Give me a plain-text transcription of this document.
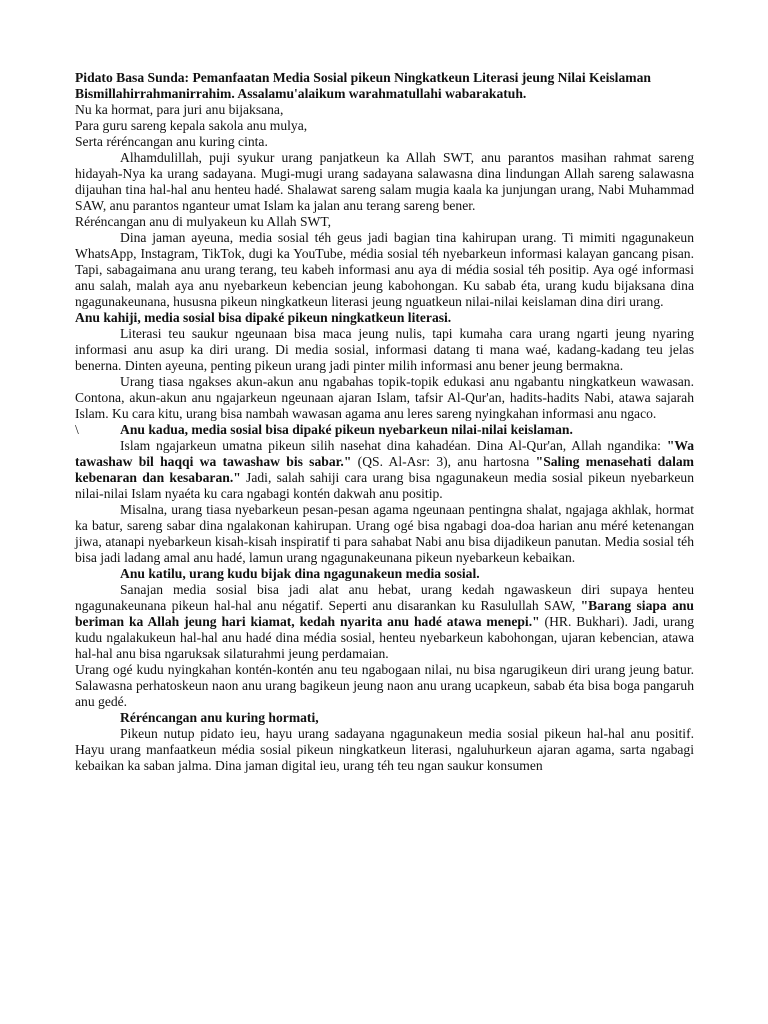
Pidato Basa Sunda: Pemanfaatan Media Sosial pikeun Ningkatkeun Literasi jeung Nilai Keislaman

Bismillahirrahmanirrahim. Assalamu'alaikum warahmatullahi wabarakatuh.

Nu ka hormat, para juri anu bijaksana,

Para guru sareng kepala sakola anu mulya,

Serta réréncangan anu kuring cinta.

Alhamdulillah, puji syukur urang panjatkeun ka Allah SWT, anu parantos masihan rahmat sareng hidayah-Nya ka urang sadayana. Mugi-mugi urang sadayana salawasna dina lindungan Allah sareng salawasna dijauhan tina hal-hal anu henteu hadé. Shalawat sareng salam mugia kaala ka junjungan urang, Nabi Muhammad SAW, anu parantos nganteur umat Islam ka jalan anu terang sareng bener.

Réréncangan anu di mulyakeun ku Allah SWT,

Dina jaman ayeuna, media sosial téh geus jadi bagian tina kahirupan urang. Ti mimiti ngagunakeun WhatsApp, Instagram, TikTok, dugi ka YouTube, média sosial téh nyebarkeun informasi kalayan gancang pisan. Tapi, sabagaimana anu urang terang, teu kabeh informasi anu aya di média sosial téh positip. Aya ogé informasi anu salah, malah aya anu nyebarkeun kebencian jeung kabohongan. Ku sabab éta, urang kudu bijaksana dina ngagunakeunana, hususna pikeun ningkatkeun literasi jeung nguatkeun nilai-nilai keislaman dina diri urang.

Anu kahiji, media sosial bisa dipaké pikeun ningkatkeun literasi.

Literasi teu saukur ngeunaan bisa maca jeung nulis, tapi kumaha cara urang ngarti jeung nyaring informasi anu asup ka diri urang. Di media sosial, informasi datang ti mana waé, kadang-kadang teu jelas benerna. Dinten ayeuna, penting pikeun urang jadi pinter milih informasi anu bener jeung bermakna.

Urang tiasa ngakses akun-akun anu ngabahas topik-topik edukasi anu ngabantu ningkatkeun wawasan. Contona, akun-akun anu ngajarkeun ngeunaan ajaran Islam, tafsir Al-Qur'an, hadits-hadits Nabi, atawa sajarah Islam. Ku cara kitu, urang bisa nambah wawasan agama anu leres sareng nyingkahan informasi anu ngaco.

\	Anu kadua, media sosial bisa dipaké pikeun nyebarkeun nilai-nilai keislaman.

Islam ngajarkeun umatna pikeun silih nasehat dina kahadéan. Dina Al-Qur'an, Allah ngandika: "Wa tawashaw bil haqqi wa tawashaw bis sabar." (QS. Al-Asr: 3), anu hartosna "Saling menasehati dalam kebenaran dan kesabaran." Jadi, salah sahiji cara urang bisa ngagunakeun media sosial pikeun nyebarkeun nilai-nilai Islam nyaéta ku cara ngabagi kontén dakwah anu positip.

Misalna, urang tiasa nyebarkeun pesan-pesan agama ngeunaan pentingna shalat, ngajaga akhlak, hormat ka batur, sareng sabar dina ngalakonan kahirupan. Urang ogé bisa ngabagi doa-doa harian anu méré ketenangan jiwa, atanapi nyebarkeun kisah-kisah inspiratif ti para sahabat Nabi anu bisa dijadikeun panutan. Media sosial téh bisa jadi ladang amal anu hadé, lamun urang ngagunakeunana pikeun nyebarkeun kebaikan.

Anu katilu, urang kudu bijak dina ngagunakeun media sosial.

Sanajan media sosial bisa jadi alat anu hebat, urang kedah ngawaskeun diri supaya henteu ngagunakeunana pikeun hal-hal anu négatif. Seperti anu disarankan ku Rasulullah SAW, "Barang siapa anu beriman ka Allah jeung hari kiamat, kedah nyarita anu hadé atawa menepi." (HR. Bukhari). Jadi, urang kudu ngalakukeun hal-hal anu hadé dina média sosial, henteu nyebarkeun kabohongan, ujaran kebencian, atawa hal-hal anu bisa ngaruksak silaturahmi jeung perdamaian.

Urang ogé kudu nyingkahan kontén-kontén anu teu ngabogaan nilai, nu bisa ngarugikeun diri urang jeung batur. Salawasna perhatoskeun naon anu urang bagikeun jeung naon anu urang ucapkeun, sabab éta bisa boga pangaruh anu gedé.

Réréncangan anu kuring hormati,

Pikeun nutup pidato ieu, hayu urang sadayana ngagunakeun media sosial pikeun hal-hal anu positif. Hayu urang manfaatkeun média sosial pikeun ningkatkeun literasi, ngaluhurkeun ajaran agama, sarta ngabagi kebaikan ka saban jalma. Dina jaman digital ieu, urang téh teu ngan saukur konsumen
